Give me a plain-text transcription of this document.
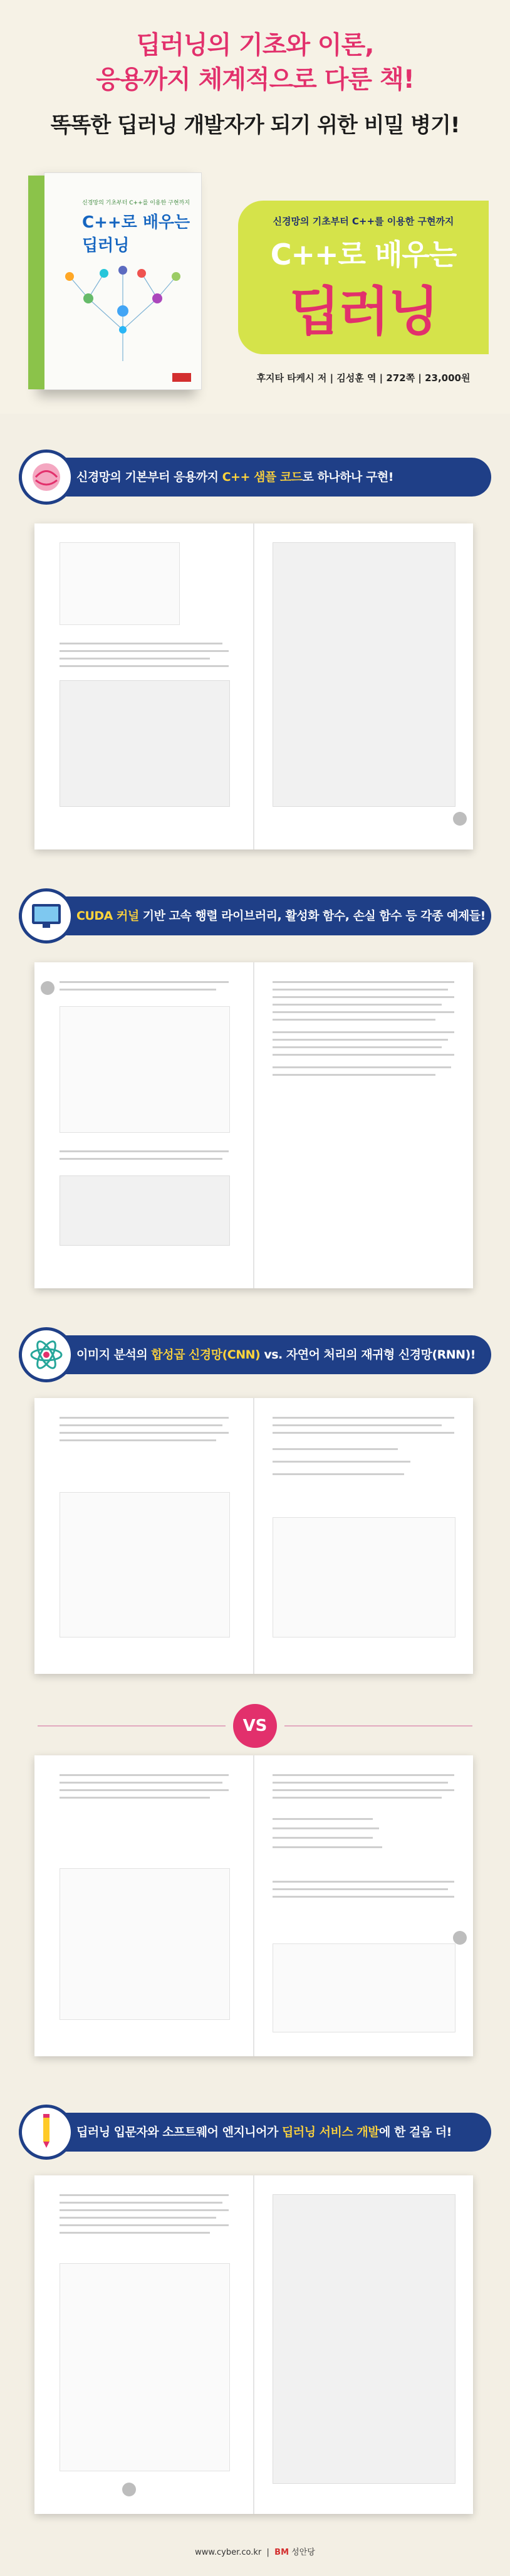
딥러닝의 기초와 이론,
응용까지 체계적으로 다룬 책!
똑똑한 딥러닝 개발자가 되기 위한 비밀 병기!
신경망의 기초부터 C++를 이용한 구현까지
C++로 배우는 딥러닝
신경망의 기초부터 C++를 이용한 구현까지
C++로 배우는
딥러닝
후지타 타케시 저 | 김성훈 역 | 272쪽 | 23,000원
신경망의 기본부터 응용까지 C++ 샘플 코드로 하나하나 구현!
CUDA 커널 기반 고속 행렬 라이브러리, 활성화 함수, 손실 함수 등 각종 예제들!
이미지 분석의 합성곱 신경망(CNN) vs. 자연어 처리의 재귀형 신경망(RNN)!
VS
딥러닝 입문자와 소프트웨어 엔지니어가 딥러닝 서비스 개발에 한 걸음 더!
www.cyber.co.kr  |  BM 성안당
